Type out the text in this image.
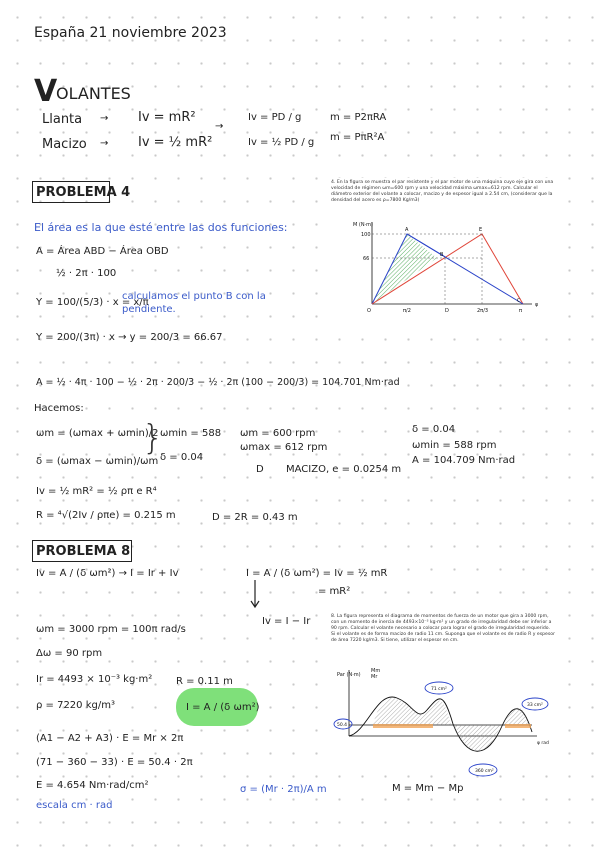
España 21 noviembre 2023
V
OLANTES
Llanta → Iv = mR²
→
Iv = PD / g	m = P2πRA
Macizo → Iv = ½ mR²	Iv = ½ PD / g m = PπR²A
PROBLEMA 4
El área es la que esté entre las dos funciones:
A = Área ABD − Área OBD
½ · 2π · 100
Y = 100/(5/3) · x = x/π
calculamos el punto B con la pendiente.
Y = 200/(3π) · x → y = 200/3 = 66.67
A = ½ · 4π · 100 − ½ · 2π · 200/3 − ½ · 2π (100 − 200/3) = 104.701 Nm·rad
Hacemos:
ωm = (ωmax + ωmin)/2
δ = (ωmax − ωmin)/ωm
}
ωmin = 588
δ = 0.04
ωm = 600 rpm
ωmax = 612 rpm
D MACIZO, e = 0.0254 m
δ = 0.04
ωmin = 588 rpm
A = 104.709 Nm·rad
Iv = ½ mR² = ½ ρπ e R⁴
R = ⁴√(2Iv / ρπe) = 0.215 m	D = 2R = 0.43 m
PROBLEMA 8
Iv = A / (δ ωm²) → I = Ir + Iv	I = A / (δ ωm²) = Iv = ½ mR
= mR²
Iv = I − Ir
ωm = 3000 rpm = 100π rad/s
Δω = 90 rpm
Ir = 4493 × 10⁻³ kg·m² R = 0.11 m
ρ = 7220 kg/m³	I = A / (δ ωm²)
(A1 − A2 + A3) · E = Mr × 2π
(71 − 360 − 33) · E = 50.4 · 2π
E = 4.654 Nm·rad/cm²
escala cm · rad
σ = (Mr · 2π)/A m	M = Mm − Mp
4. En la figura se muestra el par resistente y el par motor de una máquina cuyo eje gira con una velocidad de régimen ωm=600 rpm y una velocidad máxima ωmax=612 rpm. Calcular el diámetro exterior del volante a colocar, macizo y de espesor igual a 2.54 cm, (considerar que la densidad del acero es ρ=7800 Kg/m3)
M (N·m)
100
66
A
B
E
C
D
O	π/2	2π/3	π
φ
8. La figura representa el diagrama de momentos de fuerza de un motor que gira a 3000 rpm, con un momento de inercia de 4493×10⁻³ kg·m² y un grado de irregularidad debe ser inferior a 90 rpm. Calcular el volante necesario a colocar para lograr el grado de irregularidad requerido. Si el volante es de forma macizo de radio 11 cm. Suponga que el volante es de radio R y espesor de área 7220 kg/m3. Si tiene, utilizar el espesor en cm.
Par (N·m)
Mm
Mr
50.4
71 cm²
33 cm²
360 cm²
φ rad
